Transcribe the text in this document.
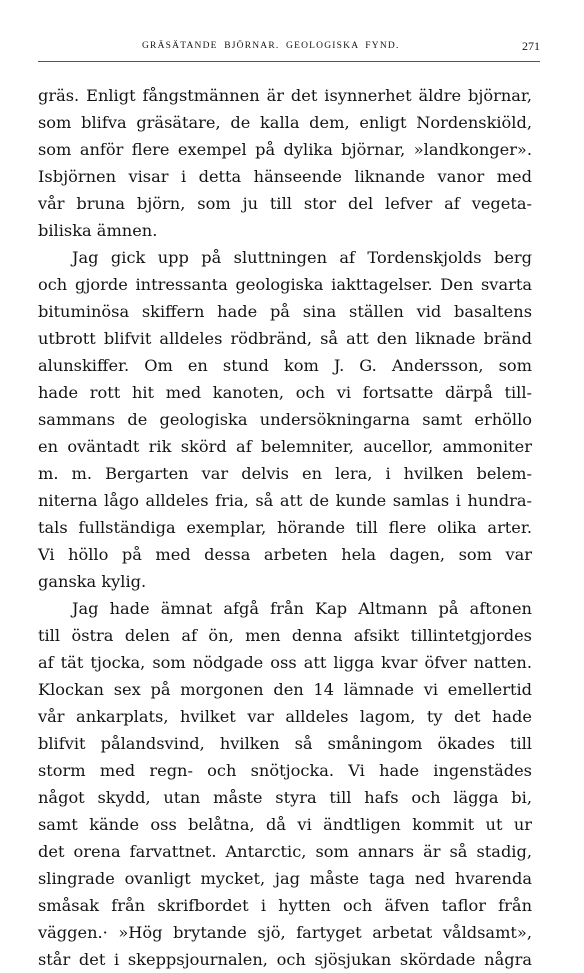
GRÄSÄTANDE BJÖRNAR. GEOLOGISKA FYND.	271
gräs. Enligt fångstmännen är det isynnerhet äldre björnar,
som blifva gräsätare, de kalla dem, enligt Nordenskiöld,
som anför flere exempel på dylika björnar, »landkonger».
Isbjörnen visar i detta hänseende liknande vanor med
vår bruna björn, som ju till stor del lefver af vegeta-
biliska ämnen.
Jag gick upp på sluttningen af Tordenskjolds berg
och gjorde intressanta geologiska iakttagelser. Den svarta
bituminösa skiffern hade på sina ställen vid basaltens
utbrott blifvit alldeles rödbränd, så att den liknade bränd
alunskiffer. Om en stund kom J. G. Andersson, som
hade rott hit med kanoten, och vi fortsatte därpå till-
sammans de geologiska undersökningarna samt erhöllo
en oväntadt rik skörd af belemniter, aucellor, ammoniter
m. m. Bergarten var delvis en lera, i hvilken belem-
niterna lågo alldeles fria, så att de kunde samlas i hundra-
tals fullständiga exemplar, hörande till flere olika arter.
Vi höllo på med dessa arbeten hela dagen, som var
ganska kylig.
Jag hade ämnat afgå från Kap Altmann på aftonen
till östra delen af ön, men denna afsikt tillintetgjordes
af tät tjocka, som nödgade oss att ligga kvar öfver natten.
Klockan sex på morgonen den 14 lämnade vi emellertid
vår ankarplats, hvilket var alldeles lagom, ty det hade
blifvit pålandsvind, hvilken så småningom ökades till
storm med regn- och snötjocka. Vi hade ingenstädes
något skydd, utan måste styra till hafs och lägga bi,
samt kände oss belåtna, då vi ändtligen kommit ut ur
det orena farvattnet. Antarctic, som annars är så stadig,
slingrade ovanligt mycket, jag måste taga ned hvarenda
småsak från skrifbordet i hytten och äfven taflor från
väggen.· »Hög brytande sjö, fartyget arbetat våldsamt»,
står det i skeppsjournalen, och sjösjukan skördade några
